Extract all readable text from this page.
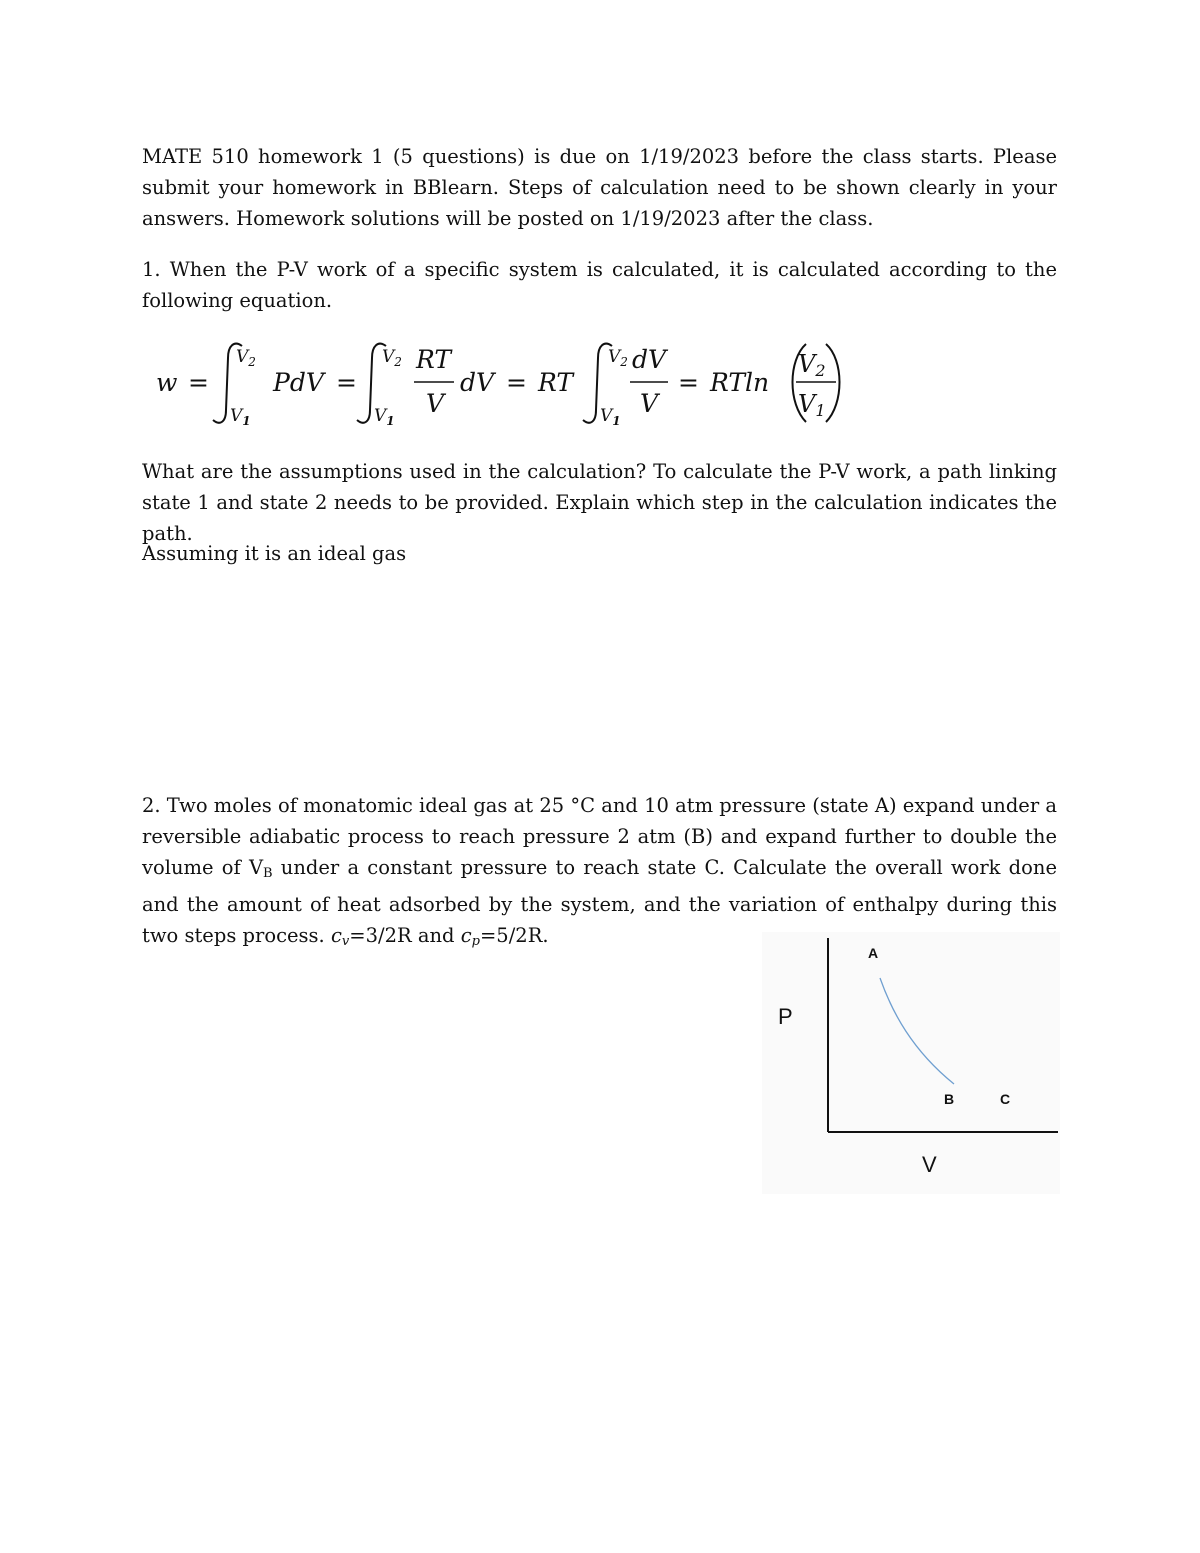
MATE 510 homework 1 (5 questions) is due on 1/19/2023 before the class starts. Please submit your homework in BBlearn. Steps of calculation need to be shown clearly in your answers. Homework solutions will be posted on 1/19/2023 after the class.

1. When the P-V work of a specific system is calculated, it is calculated according to the following equation.

w =
$V_2$
$V_1$
PdV =
$V_2$
$V_1$
RT
V
dV = RT
$V_2$
$V_1$
dV
V
= RTln
V2
V1

What are the assumptions used in the calculation? To calculate the P-V work, a path linking state 1 and state 2 needs to be provided. Explain which step in the calculation indicates the path.

Assuming it is an ideal gas

2. Two moles of monatomic ideal gas at 25 °C and 10 atm pressure (state A) expand under a reversible adiabatic process to reach pressure 2 atm (B) and expand further to double the volume of $V_B$ under a constant pressure to reach state C. Calculate the overall work done and the amount of heat adsorbed by the system, and the variation of enthalpy during this two steps process. $c_v=3/2R$ and $c_p=5/2R$.

P
V
A
B	C
